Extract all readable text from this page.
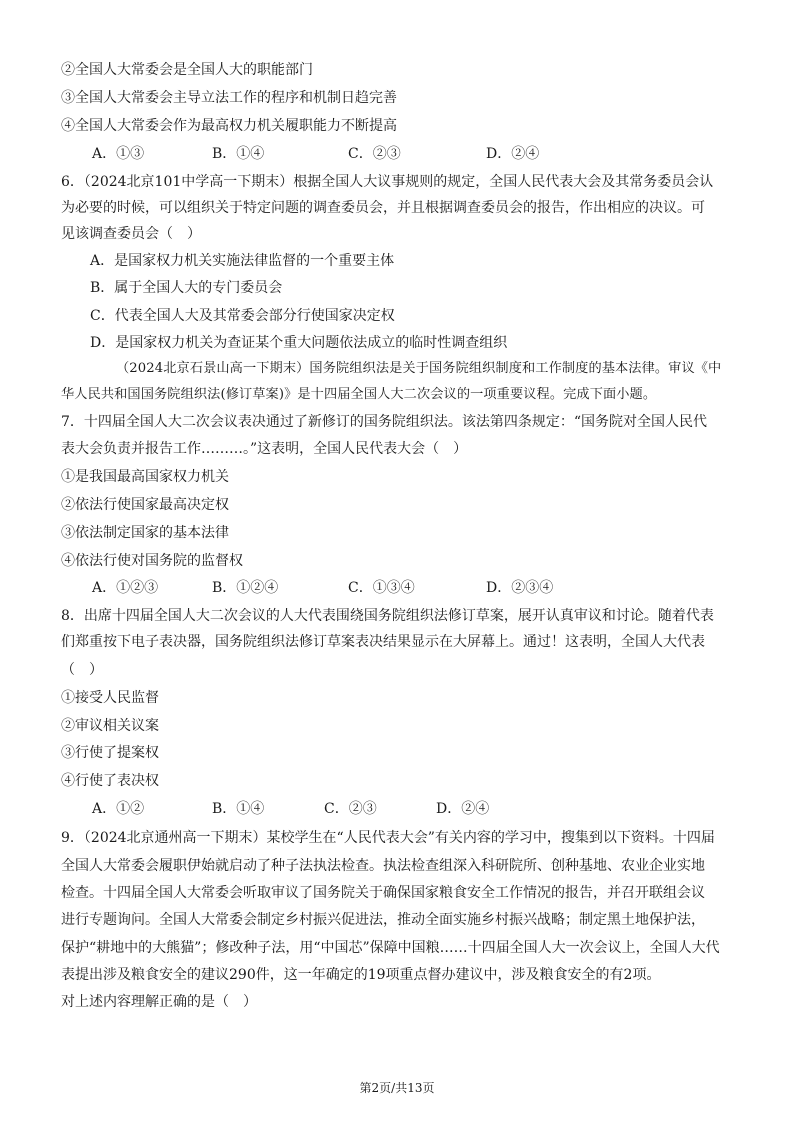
②全国人大常委会是全国人大的职能部门
③全国人大常委会主导立法工作的程序和机制日趋完善
④全国人大常委会作为最高权力机关履职能力不断提高
A．①③	B．①④	C．②③	D．②④
6．（2024北京101中学高一下期末）根据全国人大议事规则的规定，全国人民代表大会及其常务委员会认
为必要的时候，可以组织关于特定问题的调查委员会，并且根据调查委员会的报告，作出相应的决议。可
见该调查委员会（　）
A．是国家权力机关实施法律监督的一个重要主体
B．属于全国人大的专门委员会
C．代表全国人大及其常委会部分行使国家决定权
D．是国家权力机关为查证某个重大问题依法成立的临时性调查组织
（2024北京石景山高一下期末）国务院组织法是关于国务院组织制度和工作制度的基本法律。审议《中
华人民共和国国务院组织法(修订草案)》是十四届全国人大二次会议的一项重要议程。完成下面小题。
7．十四届全国人大二次会议表决通过了新修订的国务院组织法。该法第四条规定：“国务院对全国人民代
表大会负责并报告工作………。”这表明，全国人民代表大会（　）
①是我国最高国家权力机关
②依法行使国家最高决定权
③依法制定国家的基本法律
④依法行使对国务院的监督权
A．①②③	B．①②④	C．①③④	D．②③④
8．出席十四届全国人大二次会议的人大代表围绕国务院组织法修订草案，展开认真审议和讨论。随着代表
们郑重按下电子表决器，国务院组织法修订草案表决结果显示在大屏幕上。通过！这表明，全国人大代表
（　）
①接受人民监督
②审议相关议案
③行使了提案权
④行使了表决权
A．①②	B．①④	C．②③	D．②④
9．（2024北京通州高一下期末）某校学生在“人民代表大会”有关内容的学习中，搜集到以下资料。十四届
全国人大常委会履职伊始就启动了种子法执法检查。执法检查组深入科研院所、创种基地、农业企业实地
检查。十四届全国人大常委会听取审议了国务院关于确保国家粮食安全工作情况的报告，并召开联组会议
进行专题询问。全国人大常委会制定乡村振兴促进法，推动全面实施乡村振兴战略；制定黑土地保护法，
保护“耕地中的大熊猫”；修改种子法，用“中国芯”保障中国粮……十四届全国人大一次会议上，全国人大代
表提出涉及粮食安全的建议290件，这一年确定的19项重点督办建议中，涉及粮食安全的有2项。
对上述内容理解正确的是（　）
第2页/共13页
